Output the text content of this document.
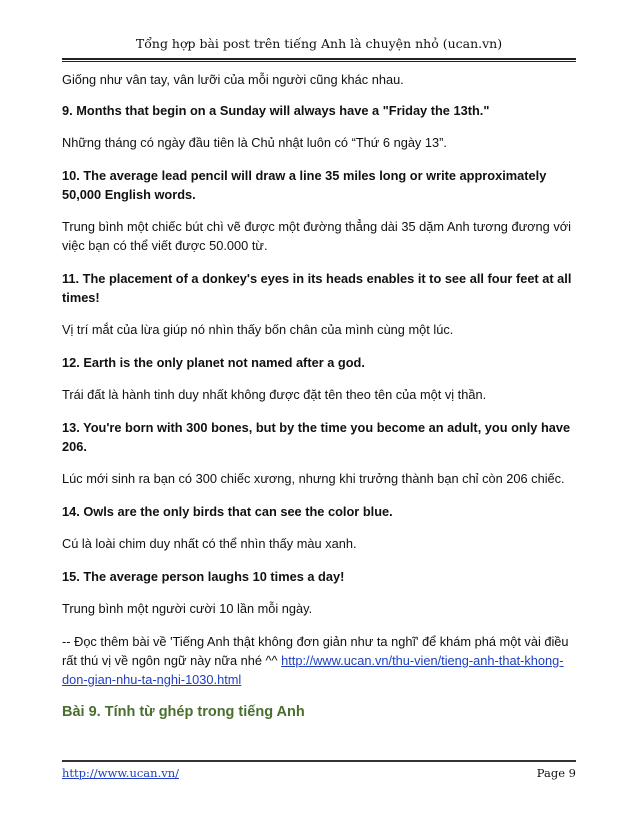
Tổng hợp bài post trên tiếng Anh là chuyện nhỏ (ucan.vn)

Giống như vân tay, vân lưỡi của mỗi người cũng khác nhau.

9. Months that begin on a Sunday will always have a "Friday the 13th."

Những tháng có ngày đầu tiên là Chủ nhật luôn có “Thứ 6 ngày 13”.

10. The average lead pencil will draw a line 35 miles long or write approximately 50,000 English words.

Trung bình một chiếc bút chì vẽ được một đường thẳng dài 35 dặm Anh tương đương với việc bạn có thể viết được 50.000 từ.

11. The placement of a donkey's eyes in its heads enables it to see all four feet at all times!

Vị trí mắt của lừa giúp nó nhìn thấy bốn chân của mình cùng một lúc.

12. Earth is the only planet not named after a god.

Trái đất là hành tinh duy nhất không được đặt tên theo tên của một vị thần.

13. You're born with 300 bones, but by the time you become an adult, you only have 206.

Lúc mới sinh ra bạn có 300 chiếc xương, nhưng khi trưởng thành bạn chỉ còn 206 chiếc.

14. Owls are the only birds that can see the color blue.

Cú là loài chim duy nhất có thể nhìn thấy màu xanh.

15. The average person laughs 10 times a day!

Trung bình một người cười 10 lần mỗi ngày.

-- Đọc thêm bài về 'Tiếng Anh thật không đơn giản như ta nghĩ' để khám phá một vài điều rất thú vị về ngôn ngữ này nữa nhé ^^ http://www.ucan.vn/thu-vien/tieng-anh-that-khong-don-gian-nhu-ta-nghi-1030.html

Bài 9. Tính từ ghép trong tiếng Anh

http://www.ucan.vn/	Page 9
